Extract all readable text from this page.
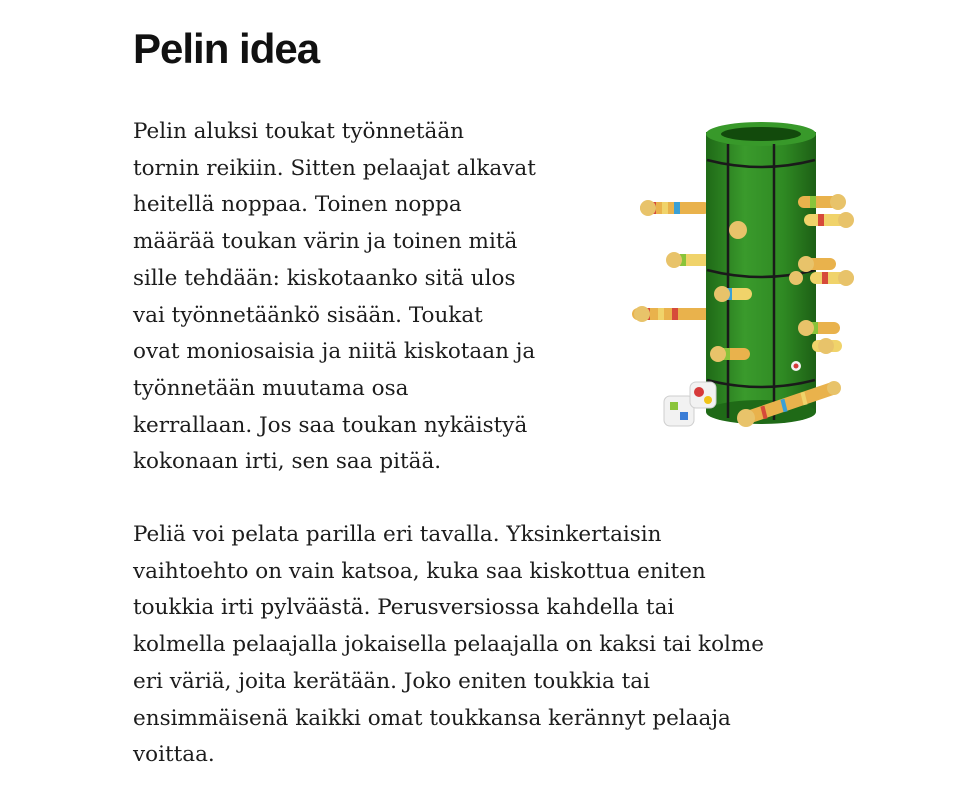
Pelin idea

Pelin aluksi toukat työnnetään
tornin reikiin. Sitten pelaajat alkavat
heitellä noppaa. Toinen noppa
määrää toukan värin ja toinen mitä
sille tehdään: kiskotaanko sitä ulos
vai työnnetäänkö sisään. Toukat
ovat moniosaisia ja niitä kiskotaan ja
työnnetään muutama osa
kerrallaan. Jos saa toukan nykäistyä
kokonaan irti, sen saa pitää.

Peliä voi pelata parilla eri tavalla. Yksinkertaisin
vaihtoehto on vain katsoa, kuka saa kiskottua eniten
toukkia irti pylväästä. Perusversiossa kahdella tai
kolmella pelaajalla jokaisella pelaajalla on kaksi tai kolme
eri väriä, joita kerätään. Joko eniten toukkia tai
ensimmäisenä kaikki omat toukkansa kerännyt pelaaja
voittaa.
